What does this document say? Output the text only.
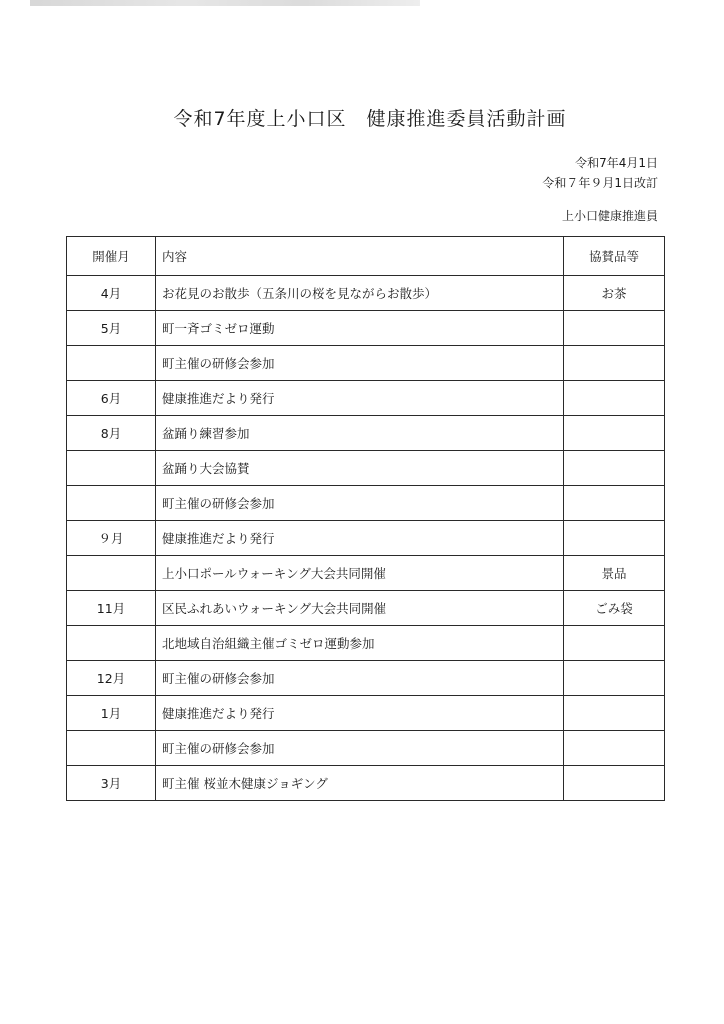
令和7年度上小口区　健康推進委員活動計画
令和7年4月1日
令和７年９月1日改訂
上小口健康推進員
開催月	内容	協賛品等
4月	お花見のお散歩（五条川の桜を見ながらお散歩）	お茶
5月	町一斉ゴミゼロ運動	
	町主催の研修会参加	
6月	健康推進だより発行	
8月	盆踊り練習参加	
	盆踊り大会協賛	
	町主催の研修会参加	
９月	健康推進だより発行	
	上小口ポールウォーキング大会共同開催	景品
11月	区民ふれあいウォーキング大会共同開催	ごみ袋
	北地域自治組織主催ゴミゼロ運動参加	
12月	町主催の研修会参加	
1月	健康推進だより発行	
	町主催の研修会参加	
3月	町主催 桜並木健康ジョギング	
